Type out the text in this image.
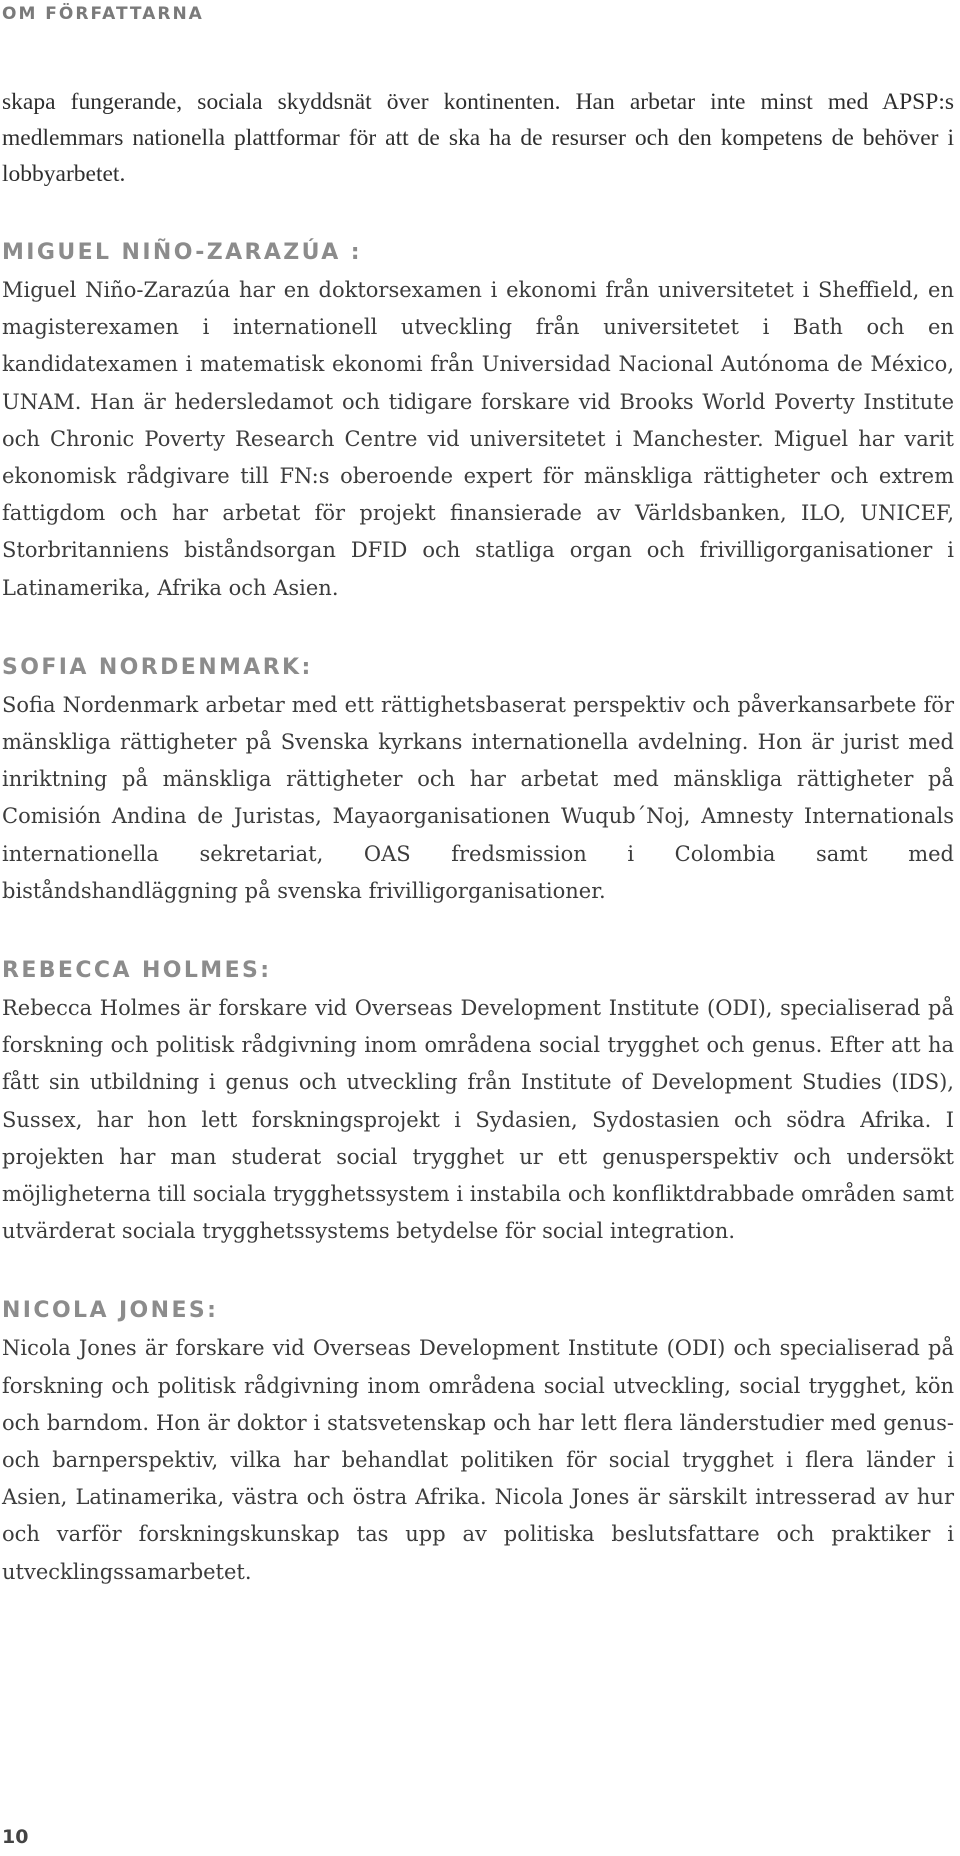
OM FÖRFATTARNA

skapa fungerande, sociala skyddsnät över kontinenten. Han arbetar inte minst med APSP:s medlemmars nationella plattformar för att de ska ha de resurser och den kompetens de behöver i lobbyarbetet.

MIGUEL NIÑO-ZARAZÚA :

Miguel Niño-Zarazúa har en doktorsexamen i ekonomi från universitetet i Sheffield, en magisterexamen i internationell utveckling från universitetet i Bath och en kandidatexamen i matematisk ekonomi från Universidad Nacional Autónoma de México, UNAM. Han är hedersledamot och tidigare forskare vid Brooks World Poverty Institute och Chronic Poverty Research Centre vid universitetet i Manchester. Miguel har varit ekonomisk rådgivare till FN:s oberoende expert för mänskliga rättigheter och extrem fattigdom och har arbetat för projekt finansierade av Världsbanken, ILO, UNICEF, Storbritanniens biståndsorgan DFID och statliga organ och frivilligorganisationer i Latinamerika, Afrika och Asien.

SOFIA NORDENMARK:

Sofia Nordenmark arbetar med ett rättighetsbaserat perspektiv och påverkansarbete för mänskliga rättigheter på Svenska kyrkans internationella avdelning. Hon är jurist med inriktning på mänskliga rättigheter och har arbetat med mänskliga rättigheter på Comisión Andina de Juristas, Mayaorganisationen Wuqub´Noj, Amnesty Internationals internationella sekretariat, OAS fredsmission i Colombia samt med biståndshandläggning på svenska frivilligorganisationer.

REBECCA HOLMES:

Rebecca Holmes är forskare vid Overseas Development Institute (ODI), specialiserad på forskning och politisk rådgivning inom områdena social trygghet och genus. Efter att ha fått sin utbildning i genus och utveckling från Institute of Development Studies (IDS), Sussex, har hon lett forskningsprojekt i Sydasien, Sydostasien och södra Afrika. I projekten har man studerat social trygghet ur ett genusperspektiv och undersökt möjligheterna till sociala trygghetssystem i instabila och konfliktdrabbade områden samt utvärderat sociala trygghetssystems betydelse för social integration.

NICOLA JONES:

Nicola Jones är forskare vid Overseas Development Institute (ODI) och specialiserad på forskning och politisk rådgivning inom områdena social utveckling, social trygghet, kön och barndom. Hon är doktor i statsvetenskap och har lett flera länderstudier med genus- och barnperspektiv, vilka har behandlat politiken för social trygghet i flera länder i Asien, Latinamerika, västra och östra Afrika. Nicola Jones är särskilt intresserad av hur och varför forskningskunskap tas upp av politiska beslutsfattare och praktiker i utvecklingssamarbetet.

10
